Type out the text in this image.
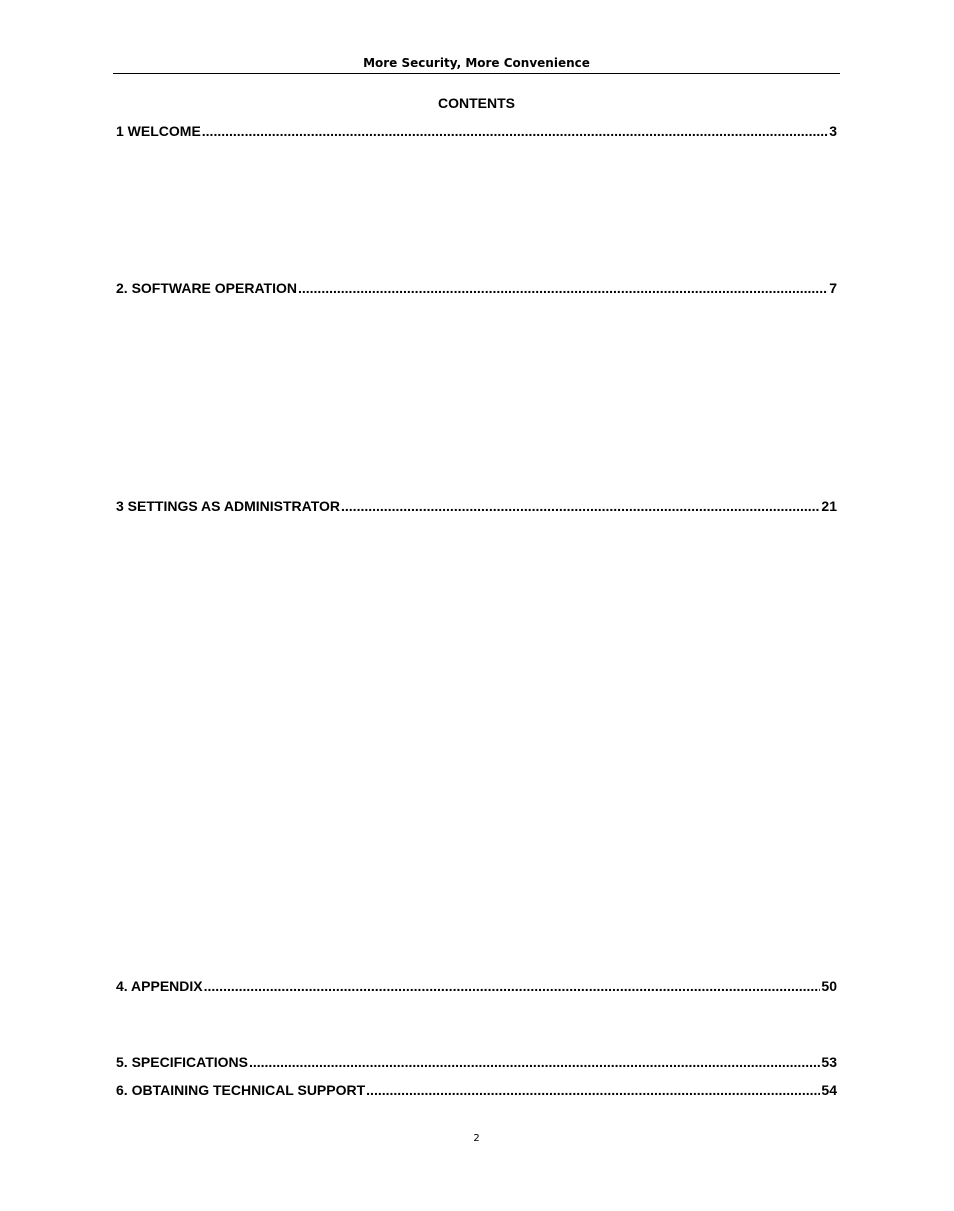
More Security, More Convenience
CONTENTS
1 WELCOME .....	3
2. SOFTWARE OPERATION .....	7
3 SETTINGS AS ADMINISTRATOR .....	21
4. APPENDIX .....	50
5. SPECIFICATIONS .....	53
6. OBTAINING TECHNICAL SUPPORT .....	54
2
